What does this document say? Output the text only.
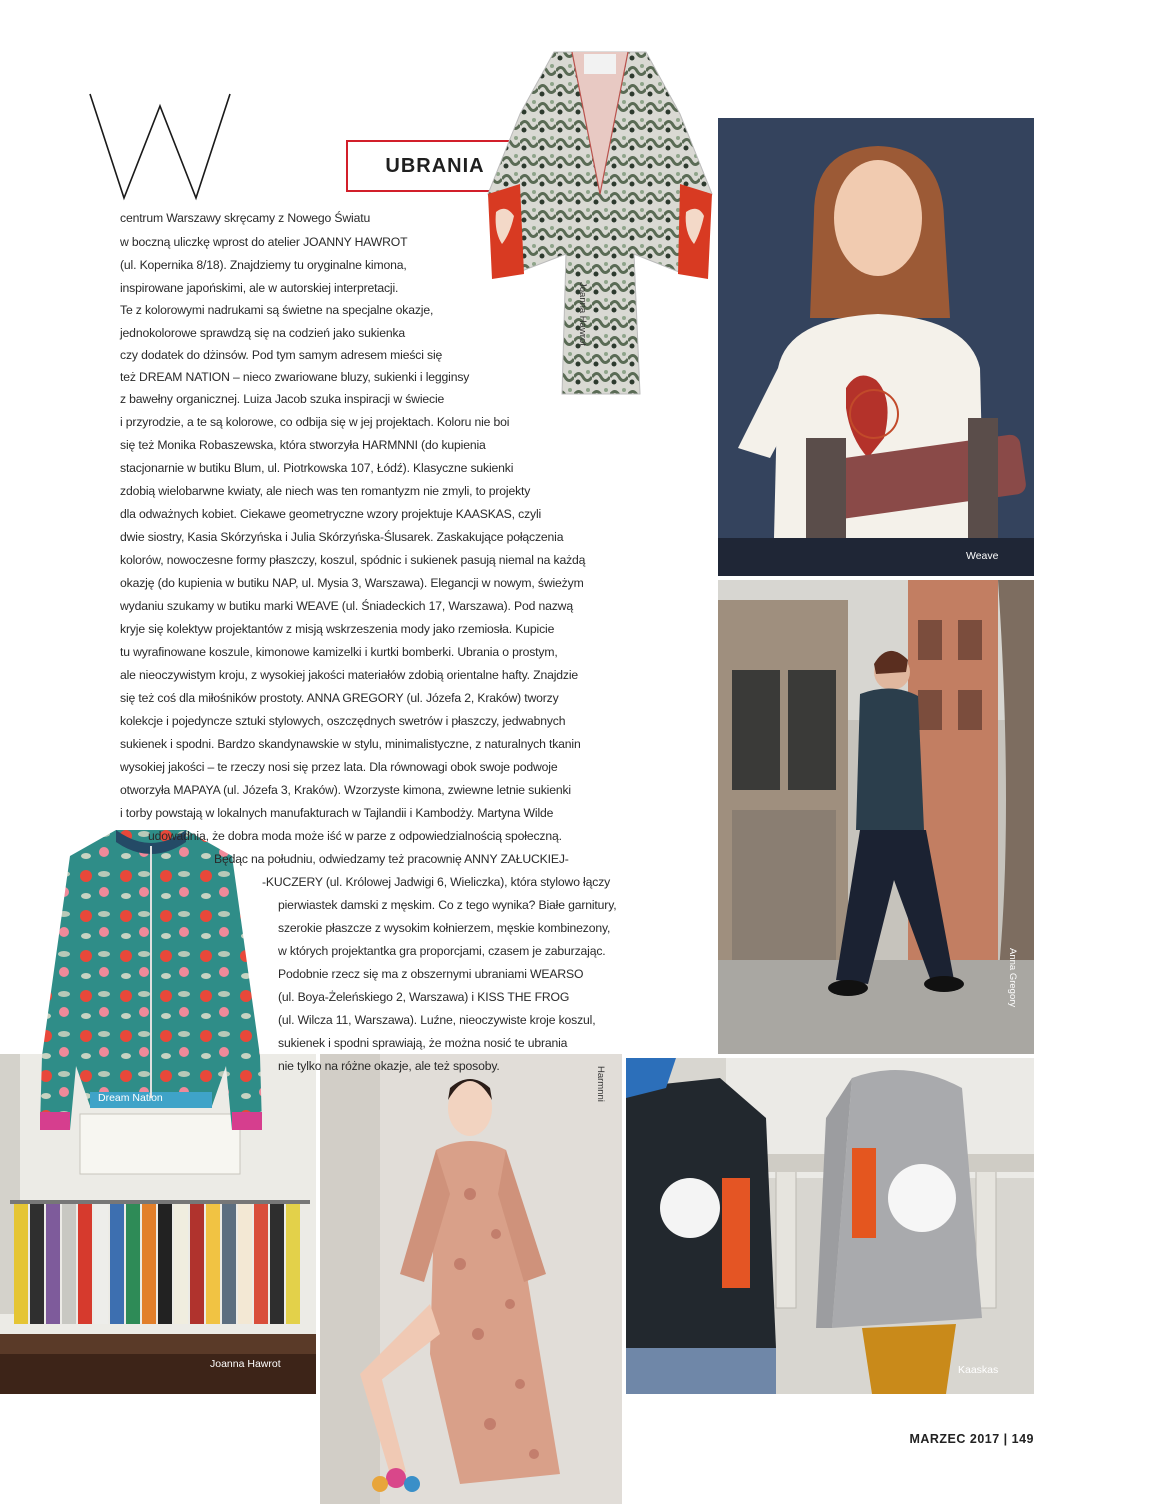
UBRANIA
Joanna Hawrot
Weave
Anna Gregory
Joanna Hawrot
Dream Nation	Harmnni
Kaaskas
centrum Warszawy skręcamy z Nowego Światu
w boczną uliczkę wprost do atelier JOANNY HAWROT
(ul. Kopernika 8/18). Znajdziemy tu oryginalne kimona,
inspirowane japońskimi, ale w autorskiej interpretacji.
Te z kolorowymi nadrukami są świetne na specjalne okazje,
jednokolorowe sprawdzą się na codzień jako sukienka
czy dodatek do dżinsów. Pod tym samym adresem mieści się
też DREAM NATION – nieco zwariowane bluzy, sukienki i legginsy
z bawełny organicznej. Luiza Jacob szuka inspiracji w świecie
i przyrodzie, a te są kolorowe, co odbija się w jej projektach. Koloru nie boi
się też Monika Robaszewska, która stworzyła HARMNNI (do kupienia
stacjonarnie w butiku Blum, ul. Piotrkowska 107, Łódź). Klasyczne sukienki
zdobią wielobarwne kwiaty, ale niech was ten romantyzm nie zmyli, to projekty
dla odważnych kobiet. Ciekawe geometryczne wzory projektuje KAASKAS, czyli
dwie siostry, Kasia Skórzyńska i Julia Skórzyńska-Ślusarek. Zaskakujące połączenia
kolorów, nowoczesne formy płaszczy, koszul, spódnic i sukienek pasują niemal na każdą
okazję (do kupienia w butiku NAP, ul. Mysia 3, Warszawa). Elegancji w nowym, świeżym
wydaniu szukamy w butiku marki WEAVE (ul. Śniadeckich 17, Warszawa). Pod nazwą
kryje się kolektyw projektantów z misją wskrzeszenia mody jako rzemiosła. Kupicie
tu wyrafinowane koszule, kimonowe kamizelki i kurtki bomberki. Ubrania o prostym,
ale nieoczywistym kroju, z wysokiej jakości materiałów zdobią orientalne hafty. Znajdzie
się też coś dla miłośników prostoty. ANNA GREGORY (ul. Józefa 2, Kraków) tworzy
kolekcje i pojedyncze sztuki stylowych, oszczędnych swetrów i płaszczy, jedwabnych
sukienek i spodni. Bardzo skandynawskie w stylu, minimalistyczne, z naturalnych tkanin
wysokiej jakości – te rzeczy nosi się przez lata. Dla równowagi obok swoje podwoje
otworzyła MAPAYA (ul. Józefa 3, Kraków). Wzorzyste kimona, zwiewne letnie sukienki
i torby powstają w lokalnych manufakturach w Tajlandii i Kambodży. Martyna Wilde
udowadnia, że dobra moda może iść w parze z odpowiedzialnością społeczną.
Będąc na południu, odwiedzamy też pracownię ANNY ZAŁUCKIEJ-
-KUCZERY (ul. Królowej Jadwigi 6, Wieliczka), która stylowo łączy
pierwiastek damski z męskim. Co z tego wynika? Białe garnitury,
szerokie płaszcze z wysokim kołnierzem, męskie kombinezony,
w których projektantka gra proporcjami, czasem je zaburzając.
Podobnie rzecz się ma z obszernymi ubraniami WEARSO
(ul. Boya-Żeleńskiego 2, Warszawa) i KISS THE FROG
(ul. Wilcza 11, Warszawa). Luźne, nieoczywiste kroje koszul,
sukienek i spodni sprawiają, że można nosić te ubrania
nie tylko na różne okazje, ale też sposoby.
MARZEC 2017 | 149
